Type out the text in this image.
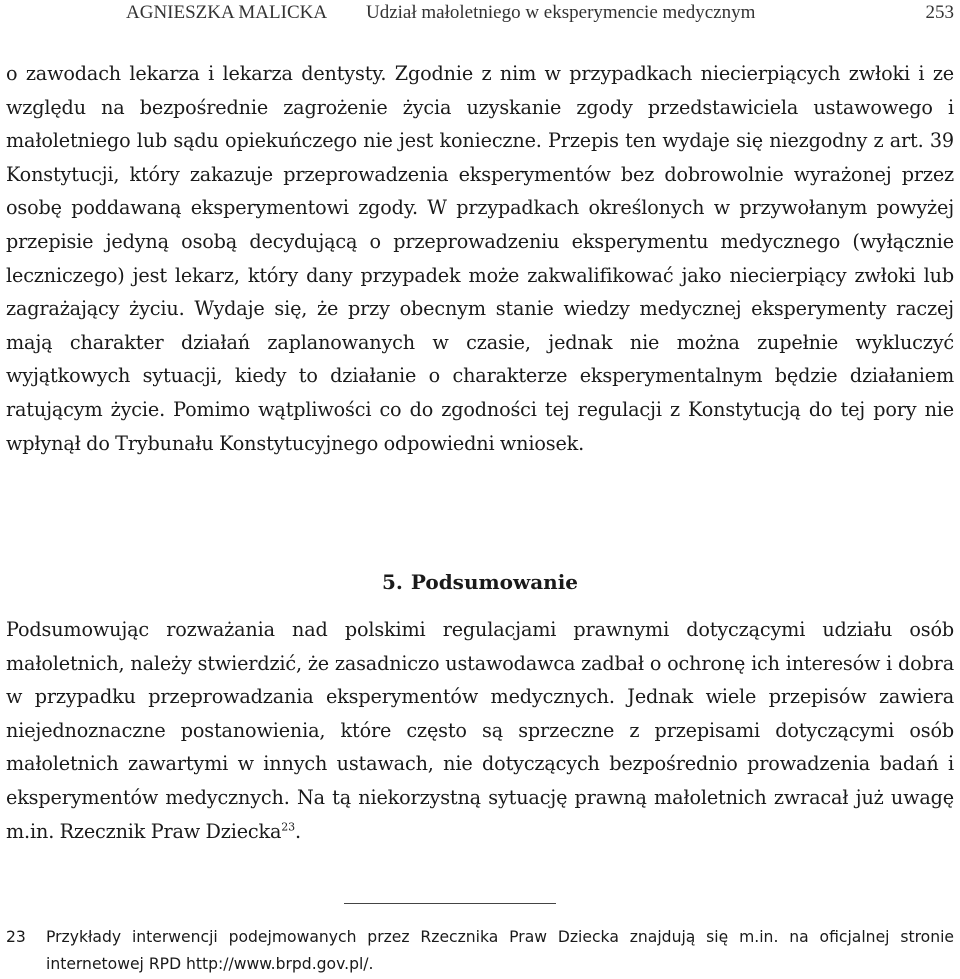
AGNIESZKA MALICKA Udział małoletniego w eksperymencie medycznym	253

o zawodach lekarza i lekarza dentysty. Zgodnie z nim w przypadkach niecierpiących zwłoki i ze względu na bezpośrednie zagrożenie życia uzyskanie zgody przedstawiciela ustawowego i małoletniego lub sądu opiekuńczego nie jest konieczne. Przepis ten wydaje się niezgodny z art. 39 Konstytucji, który zakazuje przeprowadzenia eksperymentów bez dobrowolnie wyrażonej przez osobę poddawaną eksperymentowi zgody. W przypadkach określonych w przywołanym powyżej przepisie jedyną osobą decydującą o przeprowadzeniu eksperymentu medycznego (wyłącznie leczniczego) jest lekarz, który dany przypadek może zakwalifikować jako niecierpiący zwłoki lub zagrażający życiu. Wydaje się, że przy obecnym stanie wiedzy medycznej eksperymenty raczej mają charakter działań zaplanowanych w czasie, jednak nie można zupełnie wykluczyć wyjątkowych sytuacji, kiedy to działanie o charakterze eksperymentalnym będzie działaniem ratującym życie. Pomimo wątpliwości co do zgodności tej regulacji z Konstytucją do tej pory nie wpłynął do Trybunału Konstytucyjnego odpowiedni wniosek.

5. Podsumowanie

Podsumowując rozważania nad polskimi regulacjami prawnymi dotyczącymi udziału osób małoletnich, należy stwierdzić, że zasadniczo ustawodawca zadbał o ochronę ich interesów i dobra w przypadku przeprowadzania eksperymentów medycznych. Jednak wiele przepisów zawiera niejednoznaczne postanowienia, które często są sprzeczne z przepisami dotyczącymi osób małoletnich zawartymi w innych ustawach, nie dotyczących bezpośrednio prowadzenia badań i eksperymentów medycznych. Na tą niekorzystną sytuację prawną małoletnich zwracał już uwagę m.in. Rzecznik Praw Dziecka$^{23}$.

23 Przykłady interwencji podejmowanych przez Rzecznika Praw Dziecka znajdują się m.in. na oficjalnej stronie internetowej RPD http://www.brpd.gov.pl/.
